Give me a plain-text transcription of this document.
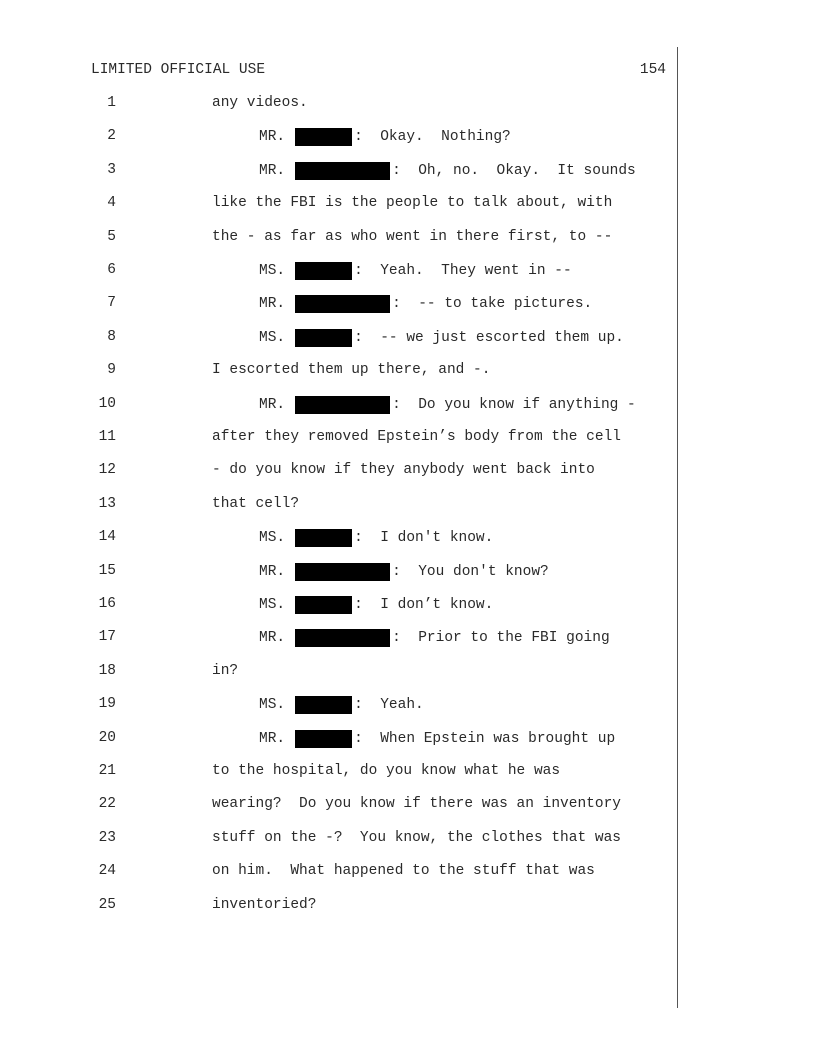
LIMITED OFFICIAL USE	154
1	any videos.
2	MR.	:  Okay.  Nothing?
3	MR.	:  Oh, no.  Okay.  It sounds
4	like the FBI is the people to talk about, with
5	the - as far as who went in there first, to --
6	MS.	:  Yeah.  They went in --
7	MR.	:  -- to take pictures.
8	MS.	:  -- we just escorted them up.
9	I escorted them up there, and -.
10	MR.	:  Do you know if anything -
11	after they removed Epstein’s body from the cell
12	- do you know if they anybody went back into
13	that cell?
14	MS.	:  I don't know.
15	MR.	:  You don't know?
16	MS.	:  I don’t know.
17	MR.	:  Prior to the FBI going
18	in?
19	MS.	:  Yeah.
20	MR.	:  When Epstein was brought up
21	to the hospital, do you know what he was
22	wearing?  Do you know if there was an inventory
23	stuff on the -?  You know, the clothes that was
24	on him.  What happened to the stuff that was
25	inventoried?
